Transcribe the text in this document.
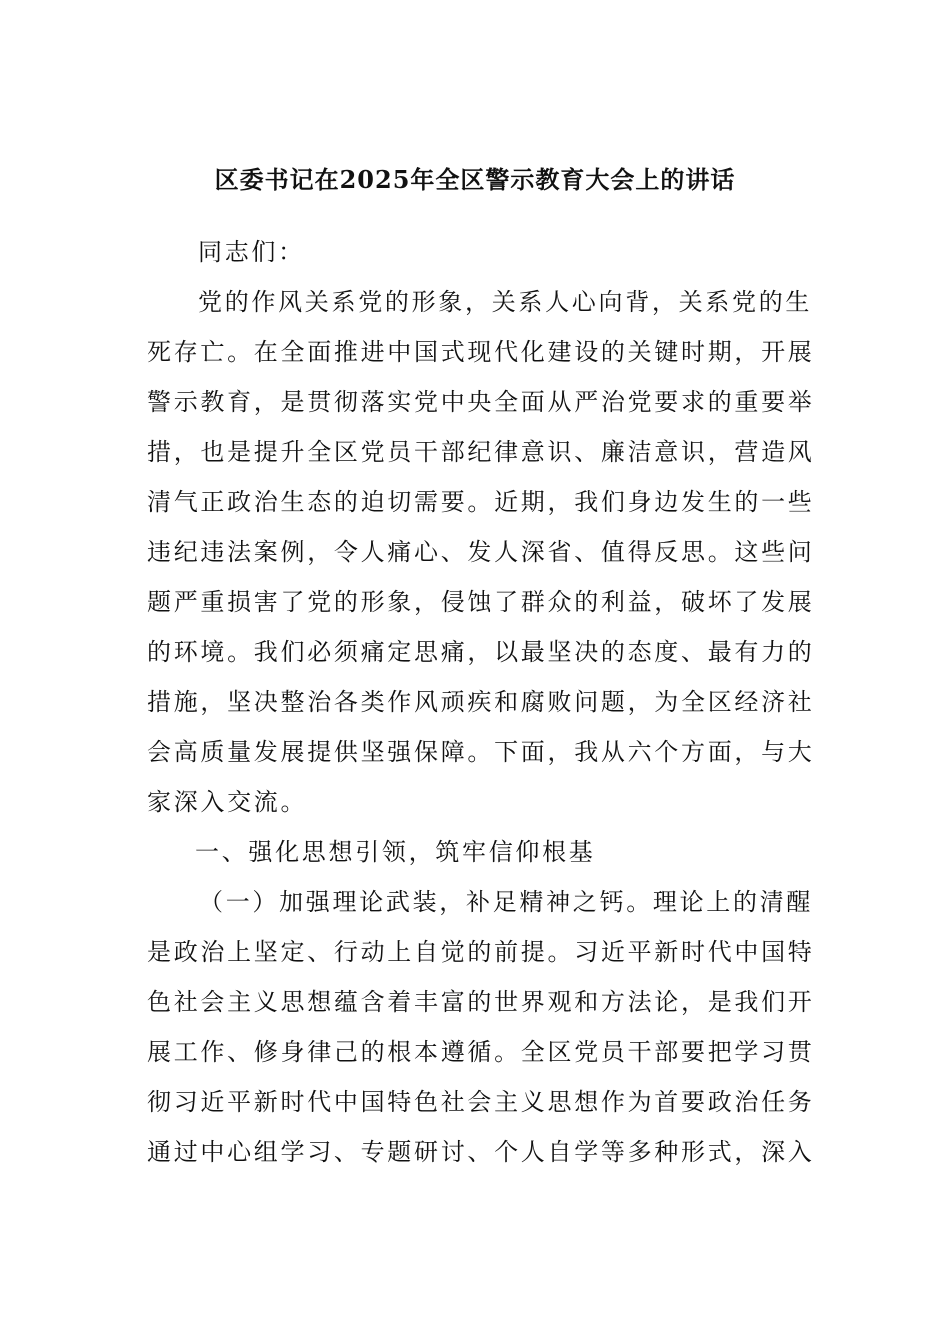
区委书记在2025年全区警示教育大会上的讲话
同志们：
党的作风关系党的形象，关系人心向背，关系党的生
死存亡。在全面推进中国式现代化建设的关键时期，开展
警示教育，是贯彻落实党中央全面从严治党要求的重要举
措，也是提升全区党员干部纪律意识、廉洁意识，营造风
清气正政治生态的迫切需要。近期，我们身边发生的一些
违纪违法案例，令人痛心、发人深省、值得反思。这些问
题严重损害了党的形象，侵蚀了群众的利益，破坏了发展
的环境。我们必须痛定思痛，以最坚决的态度、最有力的
措施，坚决整治各类作风顽疾和腐败问题，为全区经济社
会高质量发展提供坚强保障。下面，我从六个方面，与大
家深入交流。
一、强化思想引领，筑牢信仰根基
（一）加强理论武装，补足精神之钙。理论上的清醒
是政治上坚定、行动上自觉的前提。习近平新时代中国特
色社会主义思想蕴含着丰富的世界观和方法论，是我们开
展工作、修身律己的根本遵循。全区党员干部要把学习贯
彻习近平新时代中国特色社会主义思想作为首要政治任务
通过中心组学习、专题研讨、个人自学等多种形式，深入
